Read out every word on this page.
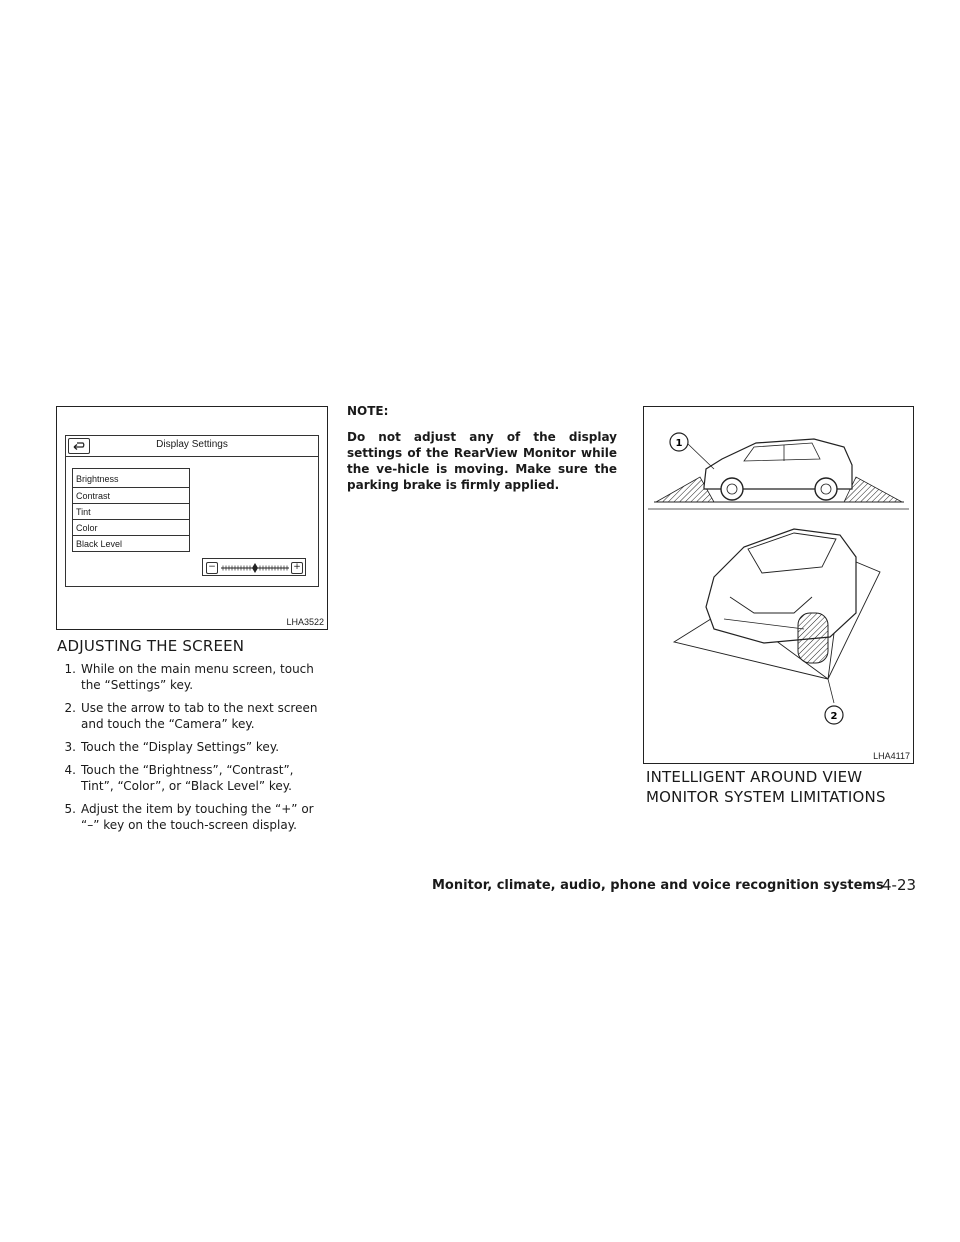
Display Settings
Brightness
Contrast
Tint
Color
Black Level
−	+
LHA3522
ADJUSTING THE SCREEN
1. While on the main menu screen, touch the “Settings” key.
2. Use the arrow to tab to the next screen and touch the “Camera” key.
3. Touch the “Display Settings” key.
4. Touch the “Brightness”, “Contrast”, Tint”, “Color”, or “Black Level” key.
5. Adjust the item by touching the “+” or “–” key on the touch-screen display.

NOTE:

Do not adjust any of the display settings of the RearView Monitor while the ve-hicle is moving. Make sure the parking brake is firmly applied.

1
2
LHA4117
INTELLIGENT AROUND VIEW
MONITOR SYSTEM LIMITATIONS
Monitor, climate, audio, phone and voice recognition systems
4-23
